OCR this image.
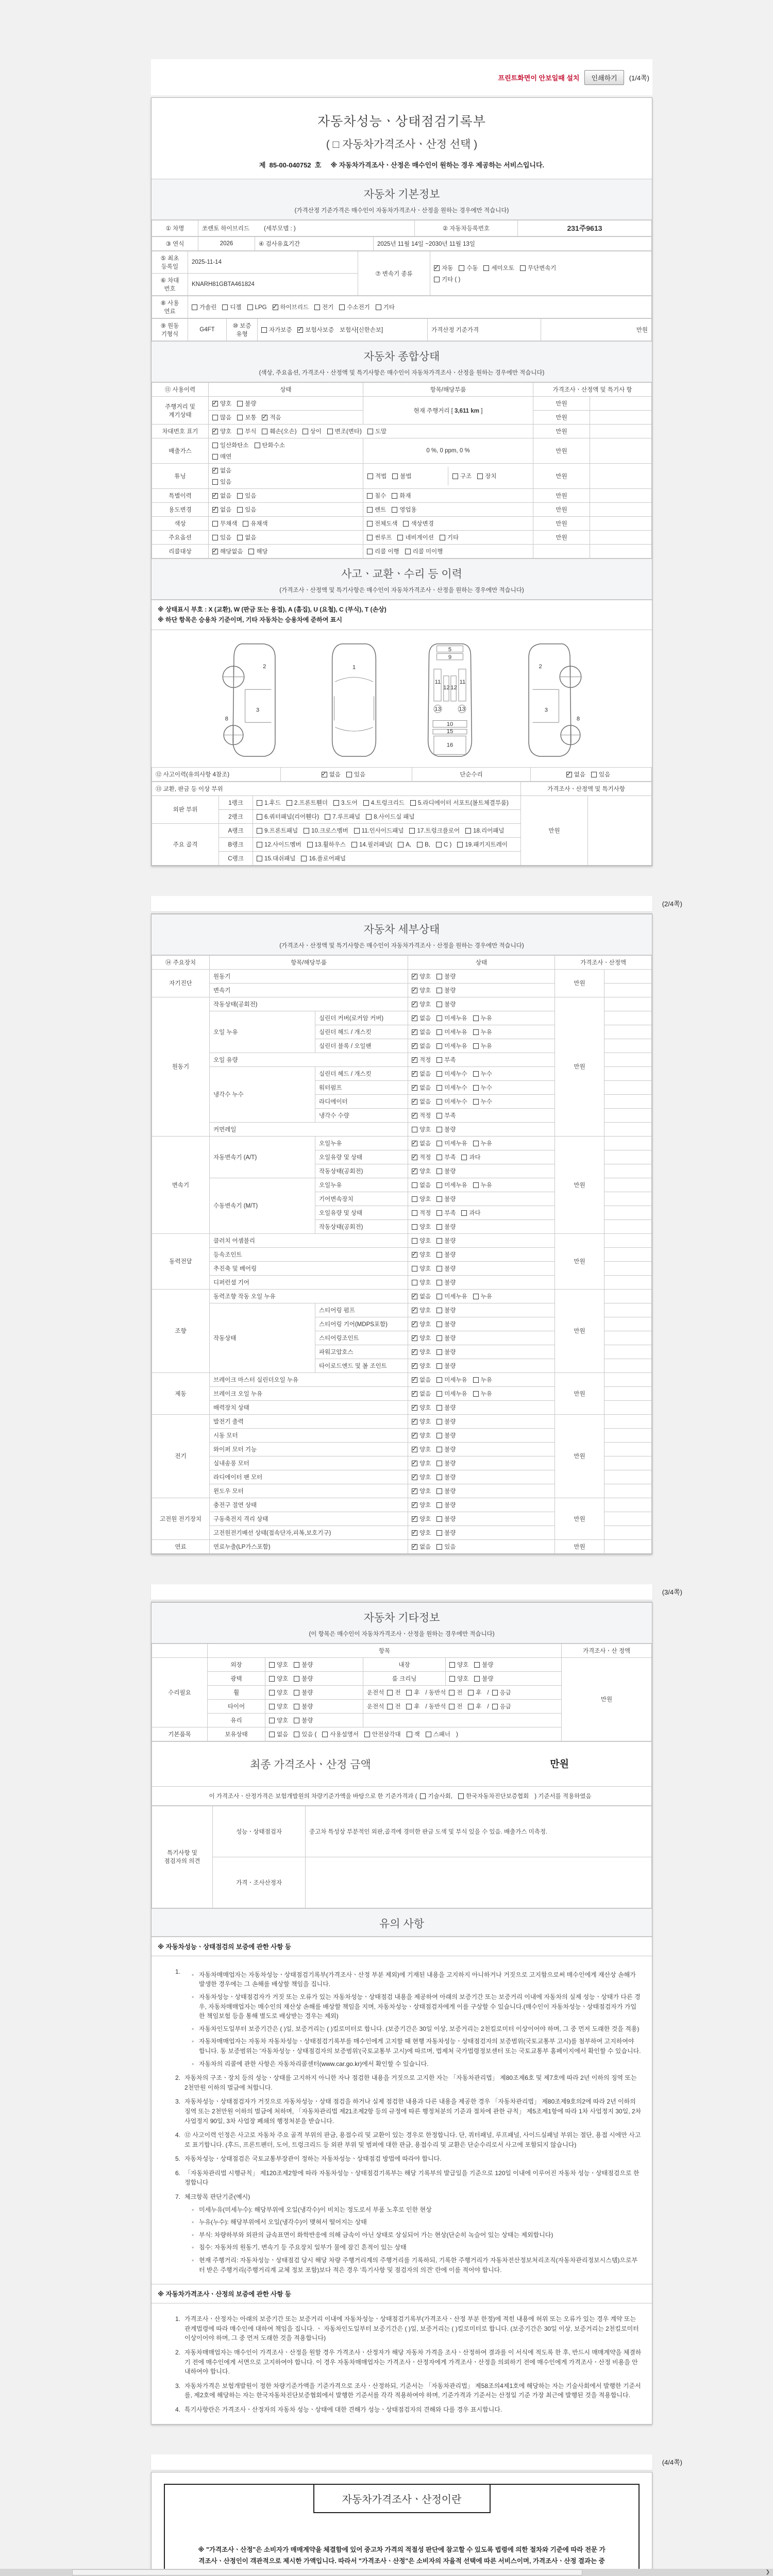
프린트화면이 안보일때 설치	인쇄하기	(1/4쪽)
자동차성능ㆍ상태점검기록부
( □ 자동차가격조사ㆍ산정 선택 )
제 85-00-040752 호 ※ 자동차가격조사ㆍ산정은 매수인이 원하는 경우 제공하는 서비스입니다.
자동차 기본정보
(가격산정 기준가격은 매수인이 자동차가격조사ㆍ산정을 원하는 경우에만 적습니다)
① 차명	쏘렌토 하이브리드 (세부모델 : )	② 자동차등록번호	231주9613
③ 연식	2026	④ 검사유효기간	2025년 11월 14일 ~2030년 11월 13일
⑤ 최초 등록일	2025-11-14	⑦ 변속기 종류	
✓자동 수동 세미오토 무단변속기
기타 ( )

⑥ 차대 번호	KNARH81GBTA461824		
⑧ 사용 연료	가솔린 디젤 LPG ✓ 하이브리드 전기 수소전기 기타
⑨ 원동 기형식	G4FT	⑩ 보증 유형	자가보증 ✓ 보험사보증 보험사[신한손보]	가격산정 기준가격	만원
자동차 종합상태
(색상, 주요옵션, 가격조사ㆍ산정액 및 특기사항은 매수인이 자동차가격조사ㆍ산정을 원하는 경우에만 적습니다)
⑪ 사용이력	상태	항목/해당부품	가격조사ㆍ산정액 및 특기사 항	
주행거리 및 계기상태	✓양호 불량	현재 주행거리 [ 3,611 km ]	만원	
	많음 보통 ✓ 적음		만원	
차대번호 표기	✓양호 부식 훼손(오손) 상이 변조(변타) 도말		만원	
배출가스	일산화탄소 탄화수소
매연	0 %, 0 ppm, 0 %	만원	
튜닝	
✓없음
있음

적법 불법	구조 장치	만원	
특별이력	✓없음 있음	침수 화재	만원	
용도변경	✓없음 있음	렌트 영업용	만원	
색상	무채색 유채색	전체도색 색상변경	만원	
주요옵션	있음 없음	썬루프 네비게이션 기타	만원	
리콜대상	✓해당없음 해당	리콜 이행 리콜 미이행		
사고ㆍ교환ㆍ수리 등 이력
(가격조사ㆍ산정액 및 특기사항은 매수인이 자동차가격조사ㆍ산정을 원하는 경우에만 적습니다)
※ 상태표시 부호 : X (교환), W (판금 또는 용접), A (흠집), U (요철), C (부식), T (손상)
※ 하단 항목은 승용차 기준이며, 기타 자동차는 승용차에 준하여 표시
2
3
8
1
5
9
11	11
12 12
13	13
10
15
16
2
3
8
⑫ 사고이력(유의사항 4참조)	✓없음 있음	단순수리	✓없음 있음
⑬ 교환, 판금 등 이상 부위			가격조사ㆍ산정액 및 특기사항	
외판 부위	1랭크	1.후드 2.프론트휀더 3.도어 4.트렁크리드 5.라디에이터 서포트(볼트체결부품)	만원	
	2랭크	6.쿼터패널(리어휀다) 7.루프패널 8.사이드실 패널		
주요 골격	A랭크	9.프론트패널 10.크로스멤버 11.인사이드패널 17.트렁크플로어 18.리어패널		
	B랭크	12.사이드멤버 13.휠하우스 14.필러패널( A, B, C ) 19.패키지트레이		
	C랭크	15.대쉬패널 16.플로어패널		
(2/4쪽)
자동차 세부상태
(가격조사ㆍ산정액 및 특기사항은 매수인이 자동차가격조사ㆍ산정을 원하는 경우에만 적습니다)
⑭ 주요장치	항목/해당부품		상태	가격조사ㆍ산정액	
자기진단	원동기	✓양호 불량	만원	
	변속기	✓양호 불량	
원동기	작동상태(공회전)	✓양호 불량	만원	
	오일 누유	실린더 커버(로커암 커버)	✓없음 미세누유 누유	
		실린더 헤드 / 개스킷	✓없음 미세누유 누유	
		실린더 블록 / 오일팬	✓없음 미세누유 누유	
	오일 유량	✓적정 부족	
	냉각수 누수	실린더 헤드 / 개스킷	✓없음 미세누수 누수	
		워터펌프	✓없음 미세누수 누수	
		라디에이터	✓없음 미세누수 누수	
		냉각수 수량	✓적정 부족	
	커먼레일		양호 불량		
변속기	자동변속기 (A/T)	오일누유	✓없음 미세누유 누유	만원	
		오일유량 및 상태	✓적정 부족 과다	
		작동상태(공회전)	✓양호 불량	
	수동변속기 (M/T)	오일누유	없음 미세누유 누유		
		기어변속장치	양호 불량		
		오일유량 및 상태	적정 부족 과다		
		작동상태(공회전)	양호 불량		
동력전달	클러치 어셈블리		양호 불량	만원	
	등속조인트	✓양호 불량	
	추진축 및 베어링		양호 불량		
	디퍼런셜 기어		양호 불량		
조향	동력조향 작동 오일 누유	✓없음 미세누유 누유	만원	
	작동상태	스티어링 펌프	✓양호 불량	
		스티어링 기어(MDPS포함)	✓양호 불량	
		스티어링조인트	✓양호 불량	
		파워고압호스	✓양호 불량	
		타이로드엔드 및 볼 조인트	✓양호 불량	
제동	브레이크 마스터 실린더오일 누유	✓없음 미세누유 누유	만원	
	브레이크 오일 누유	✓없음 미세누유 누유	
	배력장치 상태	✓양호 불량	
전기	발전기 출력	✓양호 불량	만원	
	시동 모터	✓양호 불량	
	와이퍼 모터 기능	✓양호 불량	
	실내송풍 모터	✓양호 불량	
	라디에이터 팬 모터	✓양호 불량	
	윈도우 모터	✓양호 불량	
고전원 전기장치	충전구 절연 상태	✓양호 불량	만원	
	구동축전지 격리 상태	✓양호 불량	
	고전원전기배선 상태(접속단자,피복,보호기구)	✓양호 불량	
연료	연료누출(LP가스포함)	✓없음 있음	만원	
(3/4쪽)
자동차 기타정보
(이 항목은 매수인이 자동차가격조사ㆍ산정을 원하는 경우에만 적습니다)
	항목				가격조사ㆍ산 정액
수리필요	외장	양호 불량	내장	양호 불량	만원
	광택	양호 불량	룸 크리닝	양호 불량	
	휠	양호 불량	운전석 전 후 / 동반석 전 후 / 응급		
	타이어	양호 불량	운전석 전 후 / 동반석 전 후 / 응급		
	유리	양호 불량			
기본품목	보유상태	없음 있음 ( 사용설명서 안전삼각대 잭 스패너 )			
최종 가격조사ㆍ산정 금액	만원

이 가격조사ㆍ산정가격은 보험개발원의 차량기준가액을 바탕으로 한 기준가격과 ( 기술사회, 한국자동차진단보증협회 ) 기준서를 적용하였음
특기사항 및 점검자의 의견	성능ㆍ상태점검자	중고차 특성상 부분적인 외판,골격에 경미한 판금 도색 및 부식 있을 수 있음. 배출가스 미측정.
	가격ㆍ조사산정자	
유의 사항
※ 자동차성능ㆍ상태점검의 보증에 관한 사항 등
1. ◦ 자동차매매업자는 자동차성능ㆍ상태점검기록부(가격조사ㆍ산정 부분 제외)에 기재된 내용을 고지하지 아니하거나 거짓으로 고지함으로써 매수인에게 재산상 손해가 발생한 경우에는 그 손해를 배상할 책임을 집니다.
◦ 자동차성능ㆍ상태점검자가 거짓 또는 오류가 있는 자동차성능ㆍ상태점검 내용을 제공하여 아래의 보증기간 또는 보증거리 이내에 자동차의 실제 성능ㆍ상태가 다른 경우, 자동차매매업자는 매수인의 재산상 손해를 배상할 책임을 지며, 자동차성능ㆍ상태점검자에게 이를 구상할 수 있습니다.(매수인이 자동차성능ㆍ상태점검자가 가입한 책임보험 등을 통해 별도로 배상받는 경우는 제외)
◦ 자동차인도일부터 보증기간은 ( )일, 보증거리는 ( )킬로미터로 합니다. (보증기간은 30일 이상, 보증거리는 2천킬로미터 이상이어야 하며, 그 중 먼저 도래한 것을 적용)
◦ 자동차매매업자는 자동차 자동차성능ㆍ상태점검기록부를 매수인에게 고지할 때 현행 자동차성능ㆍ상태점검자의 보증범위(국토교통부 고시)를 첨부하여 고지하여야 합니다. 동 보증범위는 '자동차성능ㆍ상태점검자의 보증범위'(국토교통부 고시)에 따르며, 법제처 국가법령정보센터 또는 국토교통부 홈페이지에서 확인할 수 있습니다.
◦ 자동차의 리콜에 관한 사항은 자동차리콜센터(www.car.go.kr)에서 확인할 수 있습니다.
2. 자동차의 구조ㆍ장치 등의 성능ㆍ상태를 고지하지 아니한 자나 점검한 내용을 거짓으로 고지한 자는 「자동차관리법」 제80조제6호 및 제7호에 따라 2년 이하의 징역 또는 2천만원 이하의 벌금에 처합니다.
3. 자동차성능ㆍ상태점검자가 거짓으로 자동차성능ㆍ상태 점검을 하거나 실제 점검한 내용과 다른 내용을 제공한 경우 「자동차관리법」 제80조제9호의2에 따라 2년 이하의 징역 또는 2천만원 이하의 벌금에 처하며, 「자동차관리법 제21조제2항 등의 규정에 따른 행정처분의 기준과 절차에 관한 규칙」 제5조제1항에 따라 1차 사업정지 30일, 2차 사업정지 90일, 3차 사업장 폐쇄의 행정처분을 받습니다.
4. ⑫ 사고이력 인정은 사고로 자동차 주요 골격 부위의 판금, 용접수리 및 교환이 있는 경우로 한정합니다. 단, 쿼터패널, 루프패널, 사이드실패널 부위는 절단, 용접 시에만 사고로 표기합니다. (후드, 프론트펜더, 도어, 트렁크리드 등 외판 부위 및 범퍼에 대한 판금, 용접수리 및 교환은 단순수리로서 사고에 포함되지 않습니다)
5. 자동차성능ㆍ상태점검은 국토교통부장관이 정하는 자동차성능ㆍ상태점검 방법에 따라야 합니다.
6. 「자동차관리법 시행규칙」 제120조제2항에 따라 자동차성능ㆍ상태점검기록부는 해당 기록부의 발급일을 기준으로 120일 이내에 이루어진 자동차 성능ㆍ상태점검으로 한정합니다
7. 체크항목 판단기준(예시)
◦ 미세누유(미세누수): 해당부위에 오일(냉각수)이 비치는 정도로서 부품 노후로 인한 현상
◦ 누유(누수): 해당부위에서 오일(냉각수)이 맺혀서 떨어지는 상태
◦ 부식: 차량하부와 외판의 금속표면이 화학반응에 의해 금속이 아닌 상태로 상실되어 가는 현상(단순히 녹슬어 있는 상태는 제외합니다)
◦ 침수: 자동차의 원동기, 변속기 등 주요장치 일부가 물에 잠긴 흔적이 있는 상태
◦ 현재 주행거리: 자동차성능ㆍ상태점검 당시 해당 차량 주행거리계의 주행거리를 기록하되, 기록한 주행거리가 자동차전산정보처리조직(자동차관리정보시스템)으로부터 받은 주행거리(주행거리계 교체 정보 포함)보다 적은 경우 '특기사항 및 점검자의 의견' 란에 이를 적어야 합니다.
※ 자동차가격조사ㆍ산정의 보증에 관한 사항 등
1. 가격조사ㆍ산정자는 아래의 보증기간 또는 보증거리 이내에 자동차성능ㆍ상태점검기록부(가격조사ㆍ산정 부분 한정)에 적힌 내용에 허위 또는 오류가 있는 경우 계약 또는 관계법령에 따라 매수인에 대하여 책임을 집니다. ㆍ 자동차인도일부터 보증기간은 ( )일, 보증거리는 ( )킬로미터로 합니다. (보증기간은 30일 이상, 보증거리는 2천킬로미터 이상이어야 하며, 그 중 먼저 도래한 것을 적용합니다)
2. 자동차매매업자는 매수인이 가격조사ㆍ산정을 원할 경우 가격조사ㆍ산정자가 해당 자동차 가격을 조사ㆍ산정하여 결과를 이 서식에 적도록 한 후, 반드시 매매계약을 체결하기 전에 매수인에게 서면으로 고지하여야 합니다. 이 경우 자동차매매업자는 가격조사ㆍ산정자에게 가격조사ㆍ산정을 의뢰하기 전에 매수인에게 가격조사ㆍ산정 비용을 안내하여야 합니다.
3. 자동차가격은 보험개발원이 정한 차량기준가액을 기준가격으로 조사ㆍ산정하되, 기준서는 「자동차관리법」 제58조의4제1호에 해당하는 자는 기술사회에서 발행한 기준서를, 제2호에 해당하는 자는 한국자동차진단보증협회에서 발행한 기준서를 각각 적용하여야 하며, 기준가격과 기준서는 산정일 기준 가장 최근에 발행된 것을 적용합니다.
4. 특기사항란은 가격조사ㆍ산정자의 자동차 성능ㆍ상태에 대한 견해가 성능ㆍ상태점검자의 견해와 다를 경우 표시합니다.
(4/4쪽)
자동차가격조사ㆍ산정이란

※ "가격조사ㆍ산정"은 소비자가 매매계약을 체결함에 있어 중고차 가격의 적절성 판단에 참고할 수 있도록 법령에 의한 절차와 기준에 따라 전문 가격조사ㆍ산정인이 객관적으로 제시한 가액입니다. 따라서 "가격조사ㆍ산정"은 소비자의 자율적 선택에 따른 서비스이며, 가격조사ㆍ산정 결과는 중

❯
